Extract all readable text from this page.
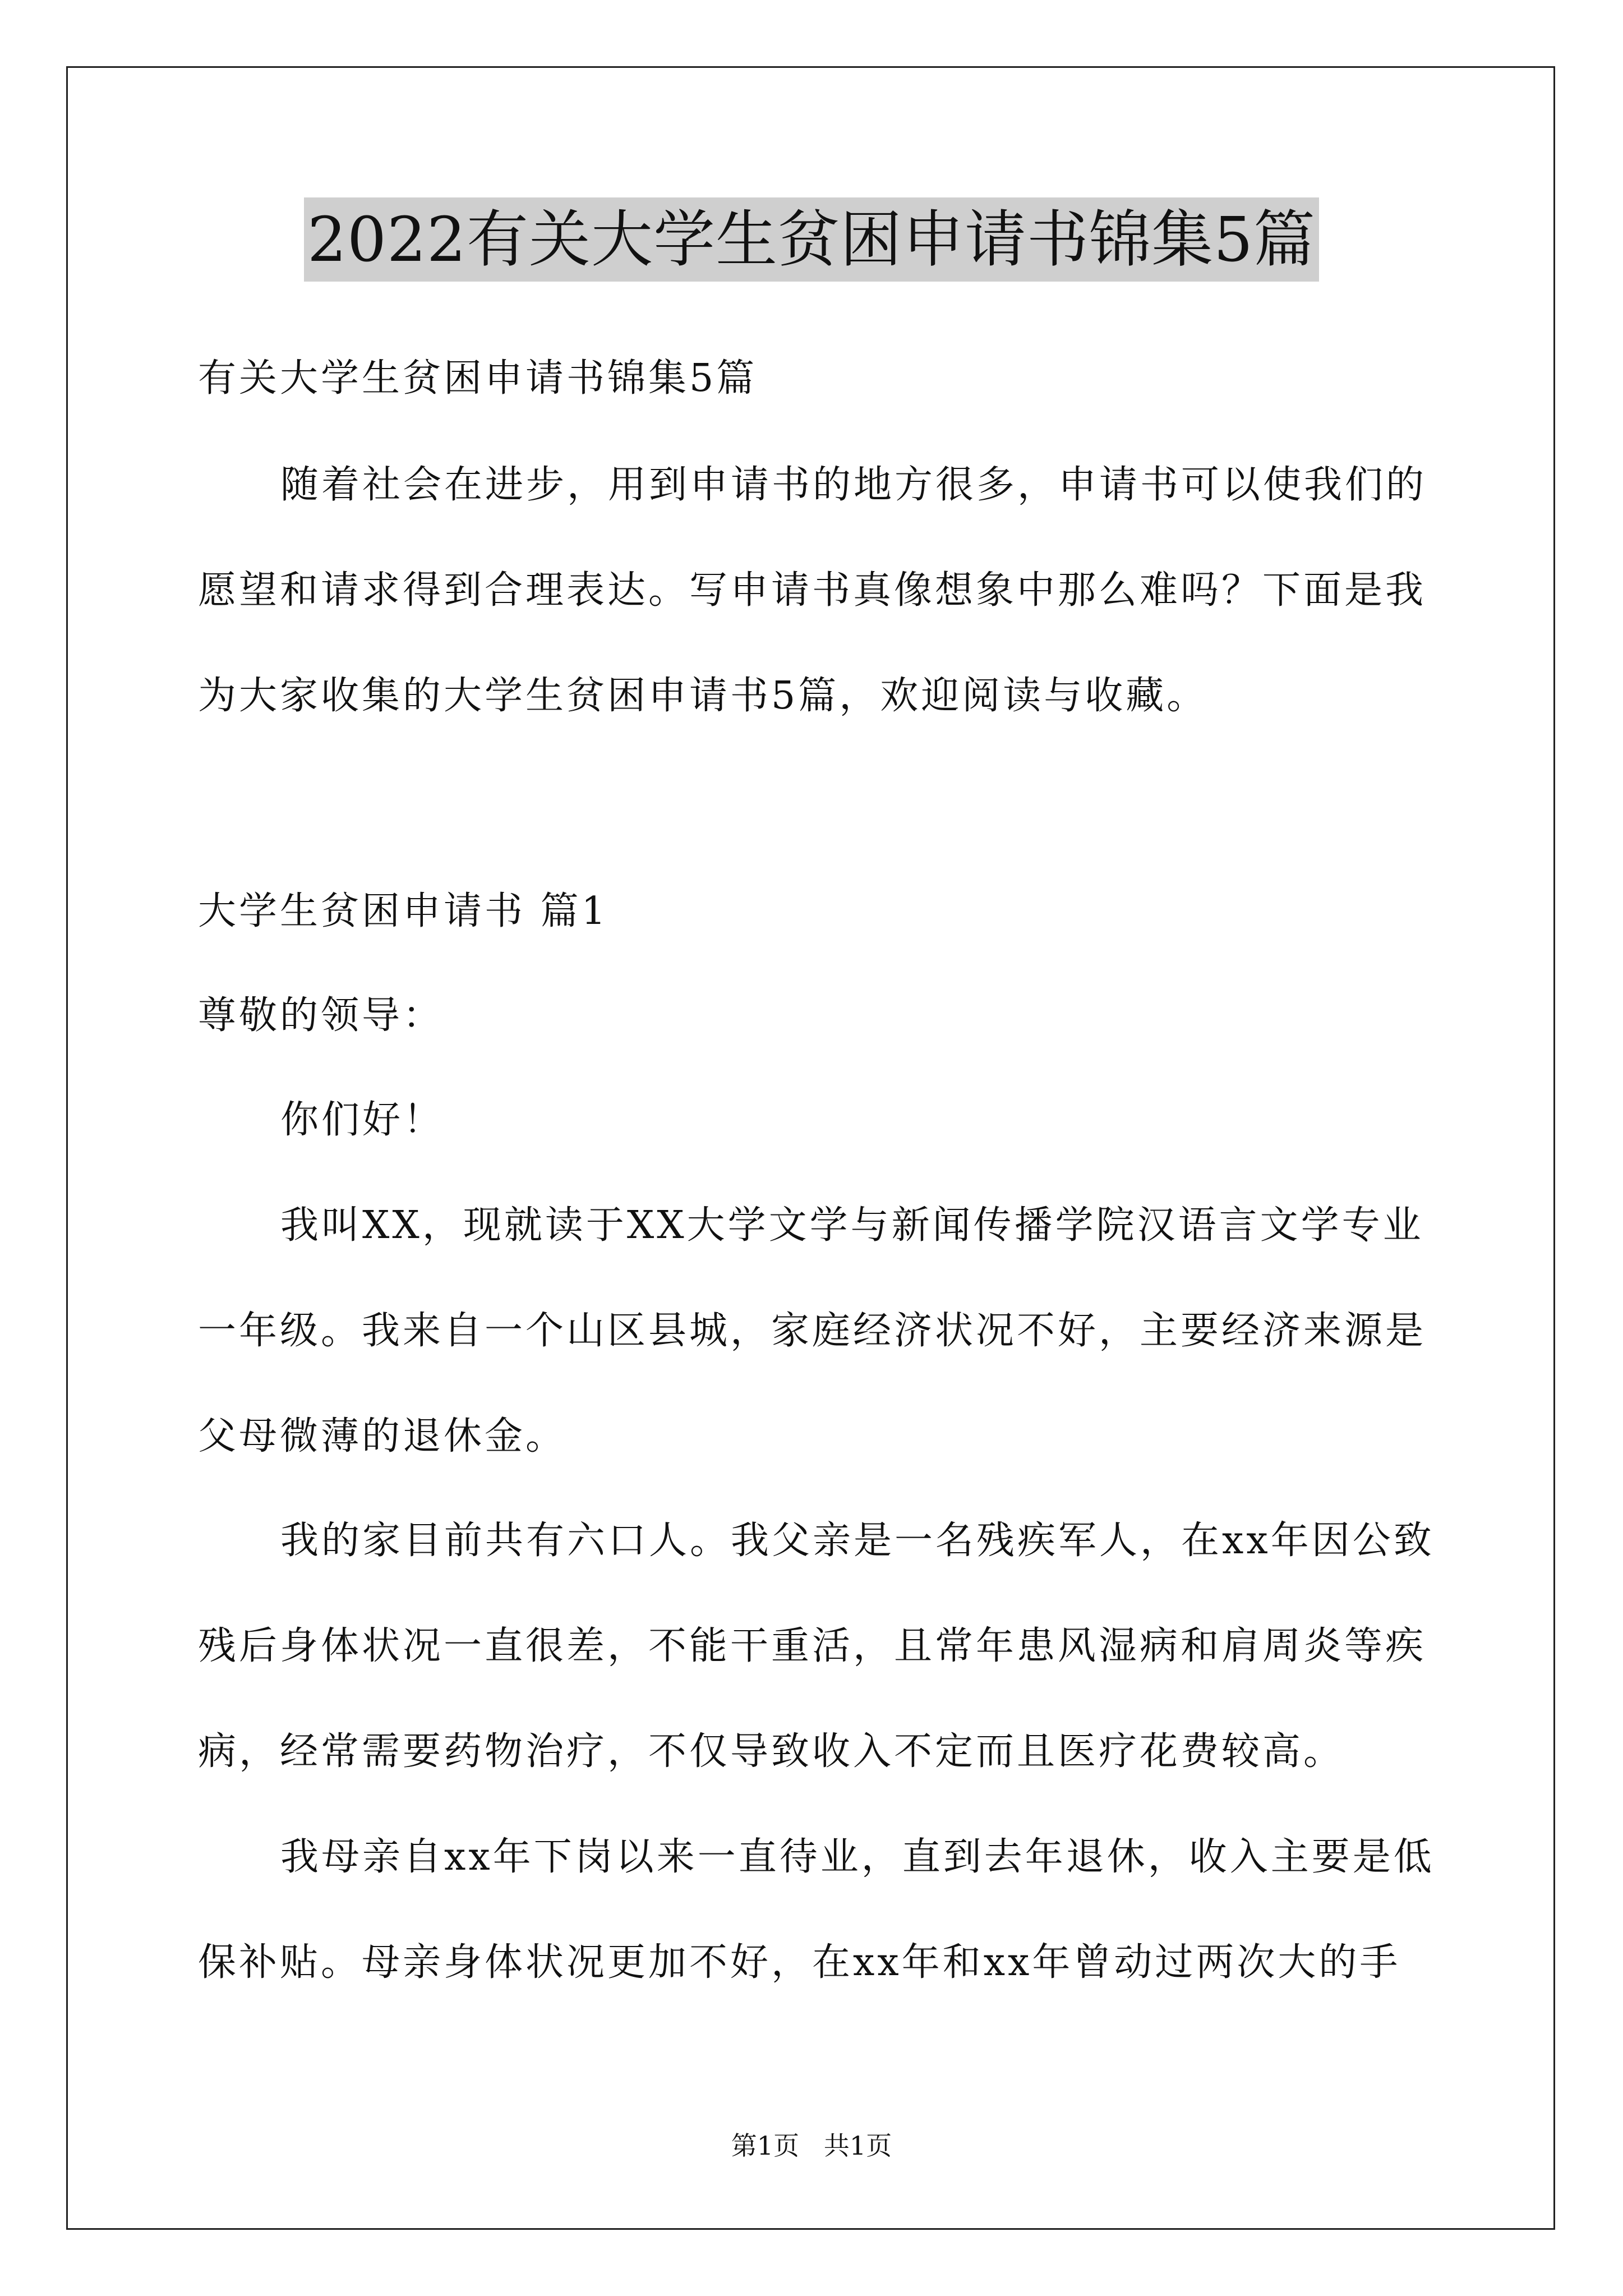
2022有关大学生贫困申请书锦集5篇
有关大学生贫困申请书锦集5篇
随着社会在进步，用到申请书的地方很多，申请书可以使我们的
愿望和请求得到合理表达。写申请书真像想象中那么难吗？下面是我
为大家收集的大学生贫困申请书5篇，欢迎阅读与收藏。
大学生贫困申请书 篇1
尊敬的领导：
你们好！
我叫XX，现就读于XX大学文学与新闻传播学院汉语言文学专业
一年级。我来自一个山区县城，家庭经济状况不好，主要经济来源是
父母微薄的退休金。
我的家目前共有六口人。我父亲是一名残疾军人，在xx年因公致
残后身体状况一直很差，不能干重活，且常年患风湿病和肩周炎等疾
病，经常需要药物治疗，不仅导致收入不定而且医疗花费较高。
我母亲自xx年下岗以来一直待业，直到去年退休，收入主要是低
保补贴。母亲身体状况更加不好，在xx年和xx年曾动过两次大的手
第1页   共1页
